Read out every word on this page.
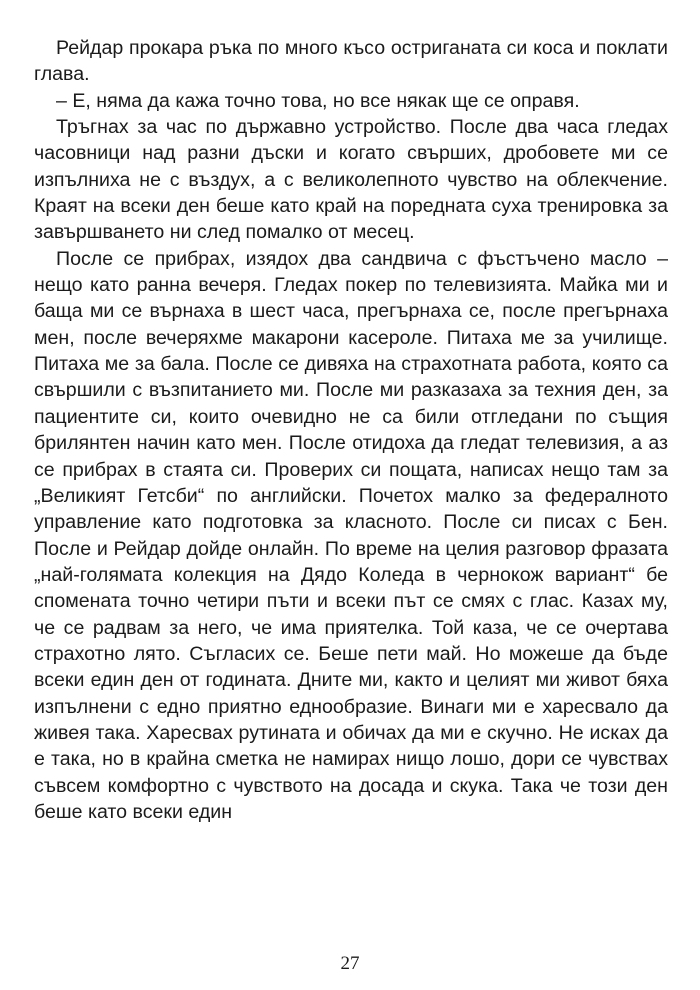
Рейдар прокара ръка по много късо остриганата си коса и поклати глава.

– Е, няма да кажа точно това, но все някак ще се оправя.

Тръгнах за час по държавно устройство. После два часа гледах часовници над разни дъски и когато свърших, дробовете ми се изпълниха не с въздух, а с великолепното чувство на облекчение. Краят на всеки ден беше като край на поредната суха тренировка за завършването ни след помалко от месец.

После се прибрах, изядох два сандвича с фъстъчено масло – нещо като ранна вечеря. Гледах покер по телевизията. Майка ми и баща ми се върнаха в шест часа, прегърнаха се, после прегърнаха мен, после вечеряхме макарони касероле. Питаха ме за училище. Питаха ме за бала. После се дивяха на страхотната работа, която са свършили с възпитанието ми. После ми разказаха за техния ден, за пациентите си, които очевидно не са били отгледани по същия брилянтен начин като мен. После отидоха да гледат телевизия, а аз се прибрах в стаята си. Проверих си пощата, написах нещо там за „Великият Гетсби“ по английски. Почетох малко за федералното управление като подготовка за класното. После си писах с Бен. После и Рейдар дойде онлайн. По време на целия разговор фразата „най-голямата колекция на Дядо Коледа в чернокож вариант“ бе спомената точно четири пъти и всеки път се смях с глас. Казах му, че се радвам за него, че има приятелка. Той каза, че се очертава страхотно лято. Съгласих се. Беше пети май. Но можеше да бъде всеки един ден от годината. Дните ми, както и целият ми живот бяха изпълнени с едно приятно еднообразие. Винаги ми е харесвало да живея така. Харесвах рутината и обичах да ми е скучно. Не исках да е така, но в крайна сметка не намирах нищо лошо, дори се чувствах съвсем комфортно с чувството на досада и скука. Така че този ден беше като всеки един

27
